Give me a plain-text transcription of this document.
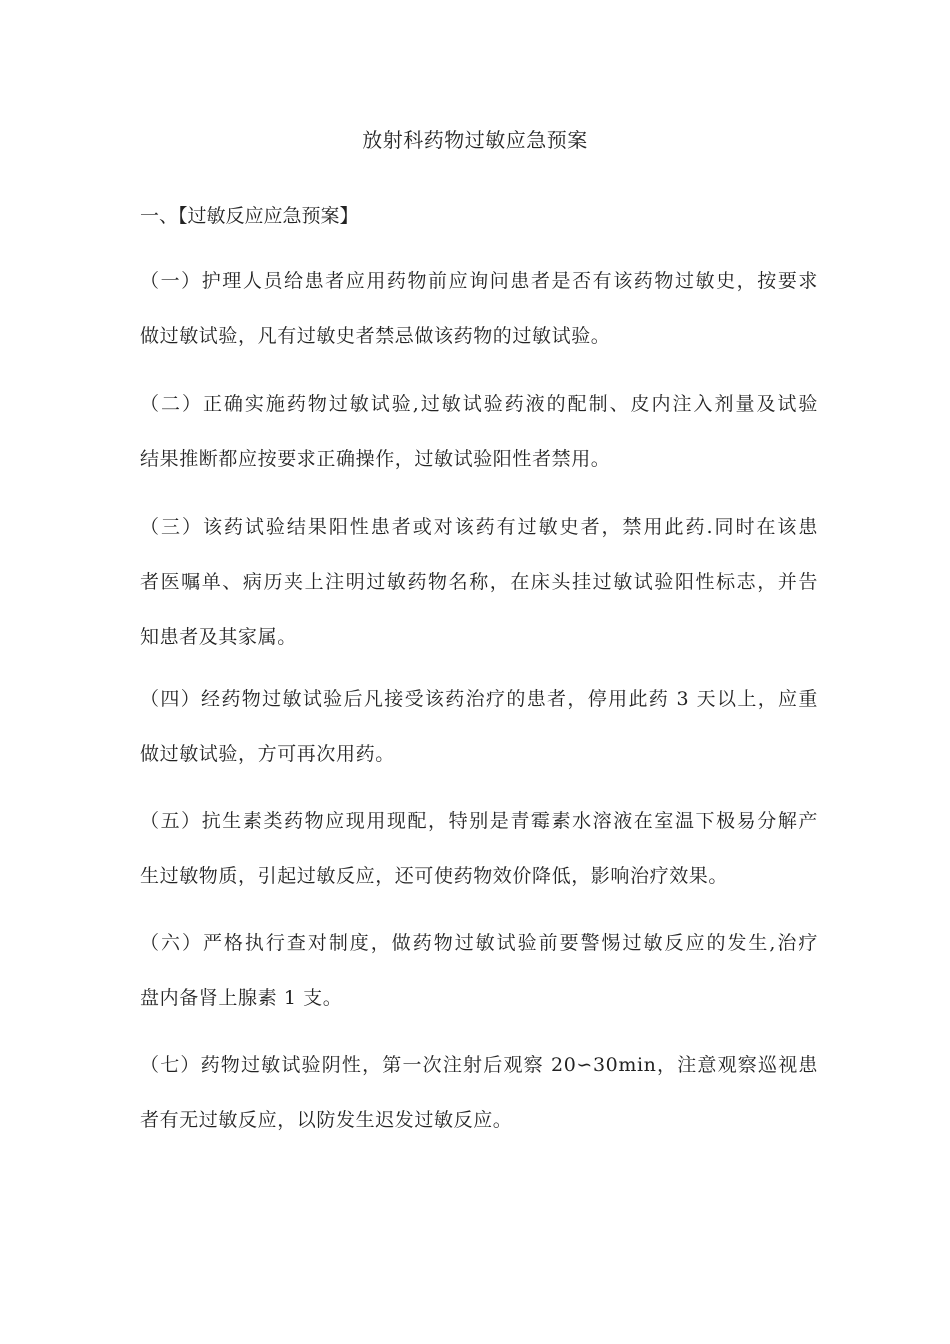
放射科药物过敏应急预案
一、【过敏反应应急预案】
（一）护理人员给患者应用药物前应询问患者是否有该药物过敏史，按要求
做过敏试验，凡有过敏史者禁忌做该药物的过敏试验。
（二）正确实施药物过敏试验,过敏试验药液的配制、皮内注入剂量及试验
结果推断都应按要求正确操作，过敏试验阳性者禁用。
（三）该药试验结果阳性患者或对该药有过敏史者，禁用此药.同时在该患
者医嘱单、病历夹上注明过敏药物名称，在床头挂过敏试验阳性标志，并告
知患者及其家属。
（四）经药物过敏试验后凡接受该药治疗的患者，停用此药 3 天以上，应重
做过敏试验，方可再次用药。
（五）抗生素类药物应现用现配，特别是青霉素水溶液在室温下极易分解产
生过敏物质，引起过敏反应，还可使药物效价降低，影响治疗效果。
（六）严格执行查对制度，做药物过敏试验前要警惕过敏反应的发生,治疗
盘内备肾上腺素 1 支。
（七）药物过敏试验阴性，第一次注射后观察 20∽30min，注意观察巡视患
者有无过敏反应，以防发生迟发过敏反应。
